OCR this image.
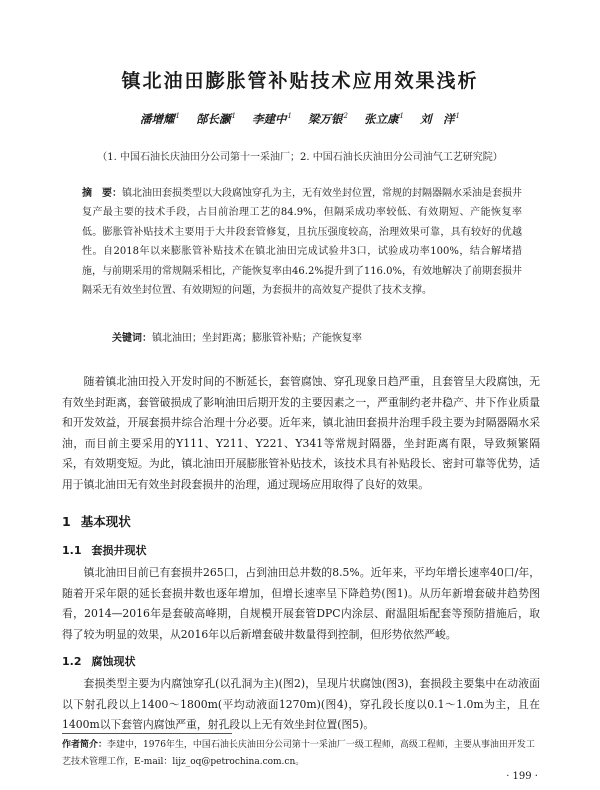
镇北油田膨胀管补贴技术应用效果浅析
潘增耀$^1$ 郜长灏$^1$ 李建中$^1$ 梁万银$^2$ 张立康$^1$ 刘　洋$^1$
（1. 中国石油长庆油田分公司第十一采油厂；2. 中国石油长庆油田分公司油气工艺研究院）
摘　要：镇北油田套损类型以大段腐蚀穿孔为主，无有效坐封位置，常规的封隔器隔水采油是套损井复产最主要的技术手段，占目前治理工艺的84.9%，但隔采成功率较低、有效期短、产能恢复率低。膨胀管补贴技术主要用于大井段套管修复，且抗压强度较高，治理效果可靠，具有较好的优越性。自2018年以来膨胀管补贴技术在镇北油田完成试验井3口，试验成功率100%，结合解堵措施，与前期采用的常规隔采相比，产能恢复率由46.2%提升到了116.0%，有效地解决了前期套损井隔采无有效坐封位置、有效期短的问题，为套损井的高效复产提供了技术支撑。
关键词：镇北油田；坐封距离；膨胀管补贴；产能恢复率
随着镇北油田投入开发时间的不断延长，套管腐蚀、穿孔现象日趋严重，且套管呈大段腐蚀，无有效坐封距离，套管破损成了影响油田后期开发的主要因素之一，严重制约老井稳产、井下作业质量和开发效益，开展套损井综合治理十分必要。近年来，镇北油田套损井治理手段主要为封隔器隔水采油，而目前主要采用的Y111、Y211、Y221、Y341等常规封隔器，坐封距离有限，导致频繁隔采，有效期变短。为此，镇北油田开展膨胀管补贴技术，该技术具有补贴段长、密封可靠等优势，适用于镇北油田无有效坐封段套损井的治理，通过现场应用取得了良好的效果。
1 基本现状
1.1 套损井现状
镇北油田目前已有套损井265口，占到油田总井数的8.5%。近年来，平均年增长速率40口/年，随着开采年限的延长套损井数也逐年增加，但增长速率呈下降趋势(图1)。从历年新增套破井趋势图看，2014—2016年是套破高峰期，自规模开展套管DPC内涂层、耐温阻垢配套等预防措施后，取得了较为明显的效果，从2016年以后新增套破井数量得到控制，但形势依然严峻。
1.2 腐蚀现状
套损类型主要为内腐蚀穿孔(以孔洞为主)(图2)，呈现片状腐蚀(图3)，套损段主要集中在动液面以下射孔段以上1400～1800m(平均动液面1270m)(图4)，穿孔段长度以0.1～1.0m为主，且在1400m以下套管内腐蚀严重，射孔段以上无有效坐封位置(图5)。
作者简介：李建中，1976年生，中国石油长庆油田分公司第十一采油厂一级工程师，高级工程师，主要从事油田开发工艺技术管理工作，E-mail：lijz_oq@petrochina.com.cn。
· 199 ·
